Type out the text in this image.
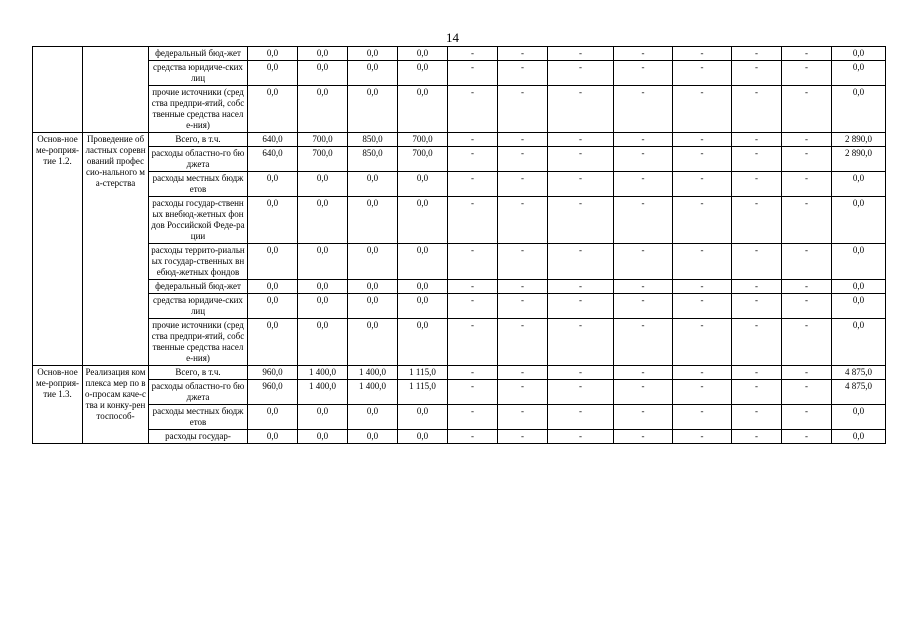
14
		федеральный бюд-жет	0,0	0,0	0,0	0,0	-	-	-	-	-	-	-	0,0
		средства юридиче-ских лиц	0,0	0,0	0,0	0,0	-	-	-	-	-	-	-	0,0
		прочие источники (средства предпри-ятий, собственные средства населе-ния)	0,0	0,0	0,0	0,0	-	-	-	-	-	-	-	0,0
Основ-ное ме-роприя-тие 1.2.	Проведение областных соревнований профессио-нального ма-стерства	Всего, в т.ч.	640,0	700,0	850,0	700,0	-	-	-	-	-	-	-	2 890,0
		расходы областно-го бюджета	640,0	700,0	850,0	700,0	-	-	-	-	-	-	-	2 890,0
		расходы местных бюджетов	0,0	0,0	0,0	0,0	-	-	-	-	-	-	-	0,0
		расходы государ-ственных внебюд-жетных фондов Российской Феде-рации	0,0	0,0	0,0	0,0	-	-	-	-	-	-	-	0,0
		расходы террито-риальных государ-ственных внебюд-жетных фондов	0,0	0,0	0,0	0,0	-	-	-	-	-	-	-	0,0
		федеральный бюд-жет	0,0	0,0	0,0	0,0	-	-	-	-	-	-	-	0,0
		средства юридиче-ских лиц	0,0	0,0	0,0	0,0	-	-	-	-	-	-	-	0,0
		прочие источники (средства предпри-ятий, собственные средства населе-ния)	0,0	0,0	0,0	0,0	-	-	-	-	-	-	-	0,0
Основ-ное ме-роприя-тие 1.3.	Реализация комплекса мер по во-просам каче-ства и конку-рентоспособ-	Всего, в т.ч.	960,0	1 400,0	1 400,0	1 115,0	-	-	-	-	-	-	-	4 875,0
		расходы областно-го бюджета	960,0	1 400,0	1 400,0	1 115,0	-	-	-	-	-	-	-	4 875,0
		расходы местных бюджетов	0,0	0,0	0,0	0,0	-	-	-	-	-	-	-	0,0
		расходы государ-	0,0	0,0	0,0	0,0	-	-	-	-	-	-	-	0,0
